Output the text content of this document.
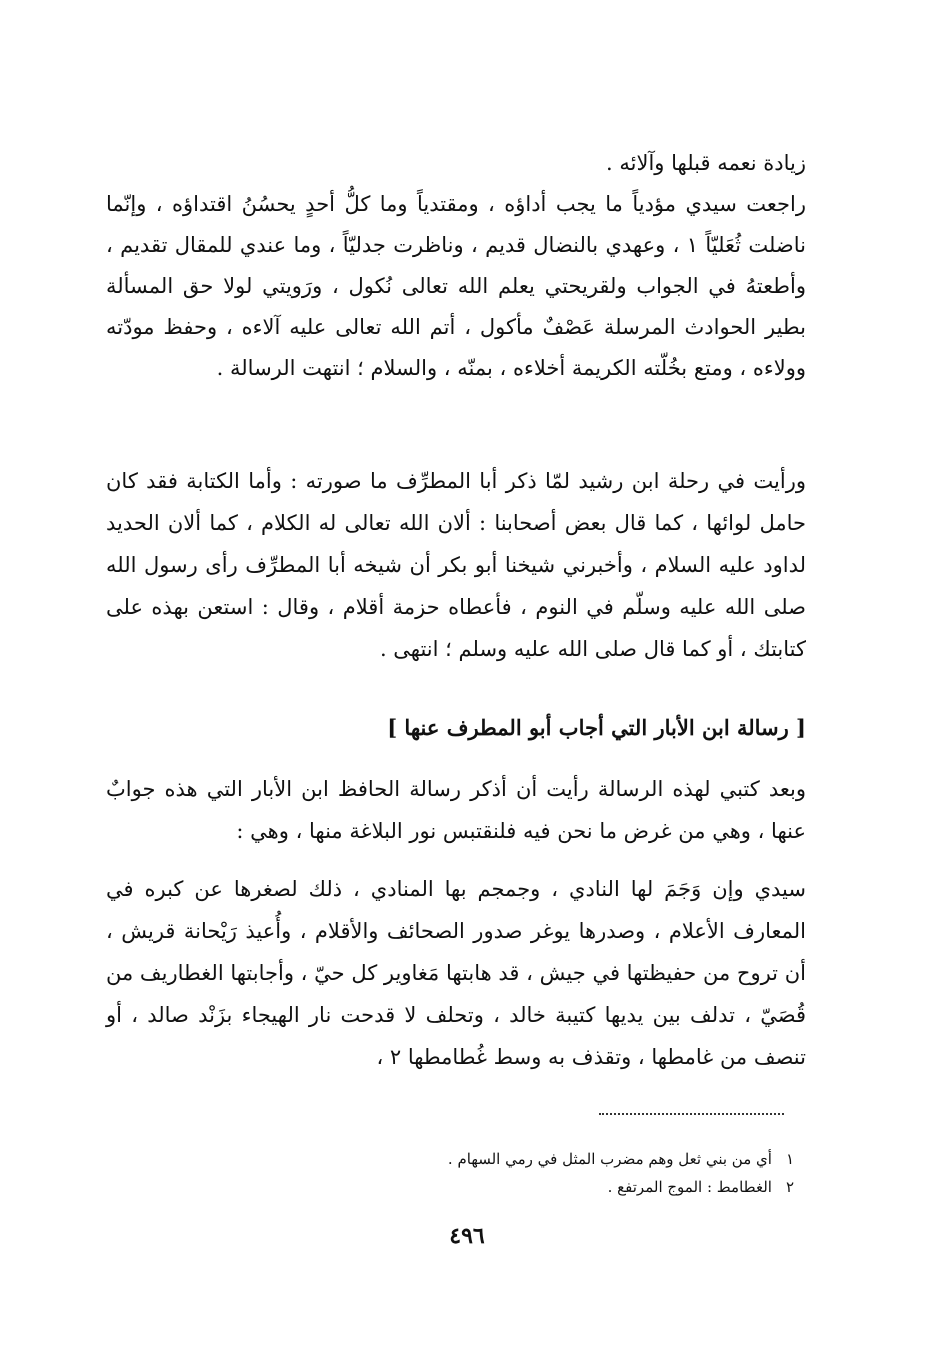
زيادة نعمه قبلها وآلائه .

راجعت سيدي مؤدياً ما يجب أداؤه ، ومقتدياً وما كلُّ أحدٍ يحسُنُ اقتداؤه ، وإنّما ناضلت ثُعَليّاً ١ ، وعهدي بالنضال قديم ، وناظرت جدليّاً ، وما عندي للمقال تقديم ، وأطعتهُ في الجواب ولقريحتي يعلم الله تعالى نُكول ، ورَويتي لولا حق المسألة بطير الحوادث المرسلة عَصْفٌ مأكول ، أتم الله تعالى عليه آلاءه ، وحفظ مودّته وولاءه ، ومتع بخُلّته الكريمة أخلاءه ، بمنّه ، والسلام ؛ انتهت الرسالة .

ورأيت في رحلة ابن رشيد لمّا ذكر أبا المطرِّف ما صورته : وأما الكتابة فقد كان حامل لوائها ، كما قال بعض أصحابنا : ألان الله تعالى له الكلام ، كما ألان الحديد لداود عليه السلام ، وأخبرني شيخنا أبو بكر أن شيخه أبا المطرِّف رأى رسول الله صلى الله عليه وسلّم في النوم ، فأعطاه حزمة أقلام ، وقال : استعن بهذه على كتابتك ، أو كما قال صلى الله عليه وسلم ؛ انتهى .

[ رسالة ابن الأبار التي أجاب أبو المطرف عنها ]

وبعد كتبي لهذه الرسالة رأيت أن أذكر رسالة الحافظ ابن الأبار التي هذه جوابٌ عنها ، وهي من غرض ما نحن فيه فلنقتبس نور البلاغة منها ، وهي :

سيدي وإن وَجَمَ لها النادي ، وجمجم بها المنادي ، ذلك لصغرها عن كبره في المعارف الأعلام ، وصدرها يوغر صدور الصحائف والأقلام ، وأُعيذ رَيْحانة قريش ، أن تروح من حفيظتها في جيش ، قد هابتها مَغاوير كل حيّ ، وأجابتها الغطاريف من قُصَيّ ، تدلف بين يديها كتيبة خالد ، وتحلف لا قدحت نار الهيجاء بزَنْد صالد ، أو تنصف من غامطها ، وتقذف به وسط غُطامطها ٢ ،

١أي من بني ثعل وهم مضرب المثل في رمي السهام .

٢الغطامط : الموج المرتفع .

٤٩٦
